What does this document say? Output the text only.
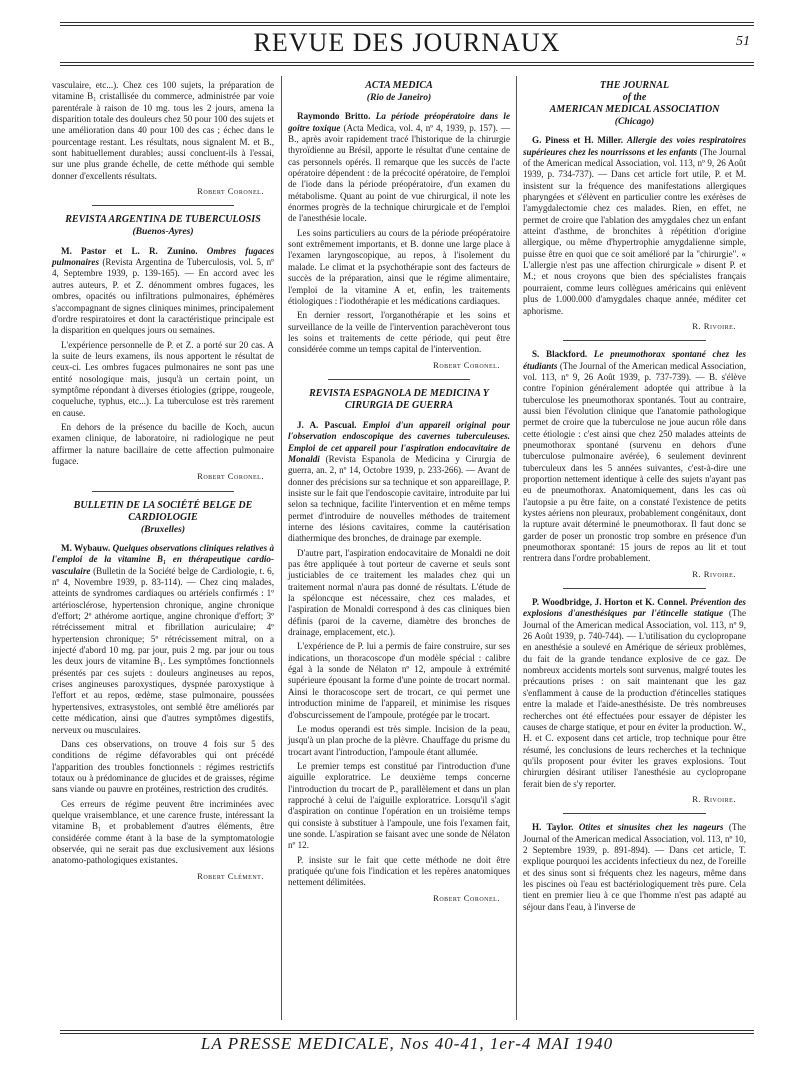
REVUE DES JOURNAUX	51

vasculaire, etc...). Chez ces 100 sujets, la préparation de vitamine B₁ cristallisée du commerce, administrée par voie parentérale à raison de 10 mg. tous les 2 jours, amena la disparition totale des douleurs chez 50 pour 100 des sujets et une amélioration dans 40 pour 100 des cas ; échec dans le pourcentage restant. Les résultats, nous signalent M. et B., sont habituellement durables; aussi concluent-ils à l'essai, sur une plus grande échelle, de cette méthode qui semble donner d'excellents résultats.

Robert Coronel.
REVISTA ARGENTINA DE TUBERCULOSIS
(Buenos-Ayres)

M. Pastor et L. R. Zunino. Ombres fugaces pulmonaires (Revista Argentina de Tuberculosis, vol. 5, nº 4, Septembre 1939, p. 139-165). — En accord avec les autres auteurs, P. et Z. dénomment ombres fugaces, les ombres, opacités ou infiltrations pulmonaires, éphémères s'accompagnant de signes cliniques minimes, principalement d'ordre respiratoires et dont la caractéristique principale est la disparition en quelques jours ou semaines.

L'expérience personnelle de P. et Z. a porté sur 20 cas. A la suite de leurs examens, ils nous apportent le résultat de ceux-ci. Les ombres fugaces pulmonaires ne sont pas une entité nosologique mais, jusqu'à un certain point, un symptôme répondant à diverses étiologies (grippe, rougeole, coqueluche, typhus, etc...). La tuberculose est très rarement en cause.

En dehors de la présence du bacille de Koch, aucun examen clinique, de laboratoire, ni radiologique ne peut affirmer la nature bacillaire de cette affection pulmonaire fugace.

Robert Coronel.
BULLETIN DE LA SOCIÉTÉ BELGE DE CARDIOLOGIE
(Bruxelles)

M. Wybauw. Quelques observations cliniques relatives à l'emploi de la vitamine B₁ en thérapeutique cardio-vasculaire (Bulletin de la Société belge de Cardiologie, t. 6, nº 4, Novembre 1939, p. 83-114). — Chez cinq malades, atteints de syndromes cardiaques ou artériels confirmés : 1º artériosclérose, hypertension chronique, angine chronique d'effort; 2º athérome aortique, angine chronique d'effort; 3º rétrécissement mitral et fibrillation auriculaire; 4º hypertension chronique; 5º rétrécissement mitral, on a injecté d'abord 10 mg. par jour, puis 2 mg. par jour ou tous les deux jours de vitamine B₁. Les symptômes fonctionnels présentés par ces sujets : douleurs angineuses au repos, crises angineuses paroxystiques, dyspnée paroxystique à l'effort et au repos, œdème, stase pulmonaire, poussées hypertensives, extrasystoles, ont semblé être améliorés par cette médication, ainsi que d'autres symptômes digestifs, nerveux ou musculaires.

Dans ces observations, on trouve 4 fois sur 5 des conditions de régime défavorables qui ont précédé l'apparition des troubles fonctionnels : régimes restrictifs totaux ou à prédominance de glucides et de graisses, régime sans viande ou pauvre en protéines, restriction des crudités.

Ces erreurs de régime peuvent être incriminées avec quelque vraisemblance, et une carence fruste, intéressant la vitamine B₁ et probablement d'autres éléments, être considérée comme étant à la base de la symptomatologie observée, qui ne serait pas due exclusivement aux lésions anatomo-pathologiques existantes.

Robert Clément.
ACTA MEDICA
(Rio de Janeiro)

Raymondo Britto. La période préopératoire dans le goitre toxique (Acta Medica, vol. 4, nº 4, 1939, p. 157). — B., après avoir rapidement tracé l'historique de la chirurgie thyroïdienne au Brésil, apporte le résultat d'une centaine de cas personnels opérés. Il remarque que les succès de l'acte opératoire dépendent : de la précocité opératoire, de l'emploi de l'iode dans la période préopératoire, d'un examen du métabolisme. Quant au point de vue chirurgical, il note les énormes progrès de la technique chirurgicale et de l'emploi de l'anesthésie locale.

Les soins particuliers au cours de la période préopératoire sont extrêmement importants, et B. donne une large place à l'examen laryngoscopique, au repos, à l'isolement du malade. Le climat et la psychothérapie sont des facteurs de succès de la préparation, ainsi que le régime alimentaire, l'emploi de la vitamine A et, enfin, les traitements étiologiques : l'iodothérapie et les médications cardiaques.

En dernier ressort, l'organothérapie et les soins et surveillance de la veille de l'intervention parachèveront tous les soins et traitements de cette période, qui peut être considérée comme un temps capital de l'intervention.

Robert Coronel.
REVISTA ESPAGNOLA DE MEDICINA Y CIRURGIA DE GUERRA

J. A. Pascual. Emploi d'un appareil original pour l'observation endoscopique des cavernes tuberculeuses. Emploi de cet appareil pour l'aspiration endocavitaire de Monaldi (Revista Espanola de Medicina y Cirurgia de guerra, an. 2, nº 14, Octobre 1939, p. 233-266). — Avant de donner des précisions sur sa technique et son appareillage, P. insiste sur le fait que l'endoscopie cavitaire, introduite par lui selon sa technique, facilite l'intervention et en même temps permet d'introduire de nouvelles méthodes de traitement interne des lésions cavitaires, comme la cautérisation diathermique des bronches, de drainage par exemple.

D'autre part, l'aspiration endocavitaire de Monaldi ne doit pas être appliquée à tout porteur de caverne et seuls sont justiciables de ce traitement les malades chez qui un traitement normal n'aura pas donné de résultats. L'étude de la spéloncque est nécessaire, chez ces malades, et l'aspiration de Monaldi correspond à des cas cliniques bien définis (paroi de la caverne, diamètre des bronches de drainage, emplacement, etc.).

L'expérience de P. lui a permis de faire construire, sur ses indications, un thoracoscope d'un modèle spécial : calibre égal à la sonde de Nélaton nº 12, ampoule à extrémité supérieure épousant la forme d'une pointe de trocart normal. Ainsi le thoracoscope sert de trocart, ce qui permet une introduction minime de l'appareil, et minimise les risques d'obscurcissement de l'ampoule, protégée par le trocart.

Le modus operandi est très simple. Incision de la peau, jusqu'à un plan proche de la plèvre. Chauffage du prisme du trocart avant l'introduction, l'ampoule étant allumée.

Le premier temps est constitué par l'introduction d'une aiguille exploratrice. Le deuxième temps concerne l'introduction du trocart de P., parallèlement et dans un plan rapproché à celui de l'aiguille exploratrice. Lorsqu'il s'agit d'aspiration on continue l'opération en un troisième temps qui consiste à substituer à l'ampoule, une fois l'examen fait, une sonde. L'aspiration se faisant avec une sonde de Nélaton nº 12.

P. insiste sur le fait que cette méthode ne doit être pratiquée qu'une fois l'indication et les repères anatomiques nettement délimitées.

Robert Coronel.
THE JOURNAL
of the
AMERICAN MEDICAL ASSOCIATION
(Chicago)

G. Piness et H. Miller. Allergie des voies respiratoires supérieures chez les nourrissons et les enfants (The Journal of the American medical Association, vol. 113, nº 9, 26 Août 1939, p. 734-737). — Dans cet article fort utile, P. et M. insistent sur la fréquence des manifestations allergiques pharyngées et s'élèvent en particulier contre les exérèses de l'amygdalectomie chez ces malades. Rien, en effet, ne permet de croire que l'ablation des amygdales chez un enfant atteint d'asthme, de bronchites à répétition d'origine allergique, ou même d'hypertrophie amygdalienne simple, puisse être en quoi que ce soit amélioré par la "chirurgie". « L'allergie n'est pas une affection chirurgicale » disent P. et M.; et nous croyons que bien des spécialistes français pourraient, comme leurs collègues américains qui enlèvent plus de 1.000.000 d'amygdales chaque année, méditer cet aphorisme.

R. Rivoire.

S. Blackford. Le pneumothorax spontané chez les étudiants (The Journal of the American medical Association, vol. 113, nº 9, 26 Août 1939, p. 737-739). — B. s'élève contre l'opinion généralement adoptée qui attribue à la tuberculose les pneumothorax spontanés. Tout au contraire, aussi bien l'évolution clinique que l'anatomie pathologique permet de croire que la tuberculose ne joue aucun rôle dans cette étiologie : c'est ainsi que chez 250 malades atteints de pneumothorax spontané (survenu en dehors d'une tuberculose pulmonaire avérée), 6 seulement devinrent tuberculeux dans les 5 années suivantes, c'est-à-dire une proportion nettement identique à celle des sujets n'ayant pas eu de pneumothorax. Anatomiquement, dans les cas où l'autopsie a pu être faite, on a constaté l'existence de petits kystes aériens non pleuraux, probablement congénitaux, dont la rupture avait déterminé le pneumothorax. Il faut donc se garder de poser un pronostic trop sombre en présence d'un pneumothorax spontané: 15 jours de repos au lit et tout rentrera dans l'ordre probablement.

R. Rivoire.

P. Woodbridge, J. Horton et K. Connel. Prévention des explosions d'anesthésiques par l'étincelle statique (The Journal of the American medical Association, vol. 113, nº 9, 26 Août 1939, p. 740-744). — L'utilisation du cyclopropane en anesthésie a soulevé en Amérique de sérieux problèmes, du fait de la grande tendance explosive de ce gaz. De nombreux accidents mortels sont survenus, malgré toutes les précautions prises : on sait maintenant que les gaz s'enflamment à cause de la production d'étincelles statiques entre la malade et l'aide-anesthésiste. De très nombreuses recherches ont été effectuées pour essayer de dépister les causes de charge statique, et pour en éviter la production. W., H. et C. exposent dans cet article, trop technique pour être résumé, les conclusions de leurs recherches et la technique qu'ils proposent pour éviter les graves explosions. Tout chirurgien désirant utiliser l'anesthésie au cyclopropane ferait bien de s'y reporter.

R. Rivoire.

H. Taylor. Otites et sinusites chez les nageurs (The Journal of the American medical Association, vol. 113, nº 10, 2 Septembre 1939, p. 891-894). — Dans cet article, T. explique pourquoi les accidents infectieux du nez, de l'oreille et des sinus sont si fréquents chez les nageurs, même dans les piscines où l'eau est bactériologiquement très pure. Cela tient en premier lieu à ce que l'homme n'est pas adapté au séjour dans l'eau, à l'inverse de

LA PRESSE MEDICALE, Nos 40-41, 1er-4 MAI 1940
